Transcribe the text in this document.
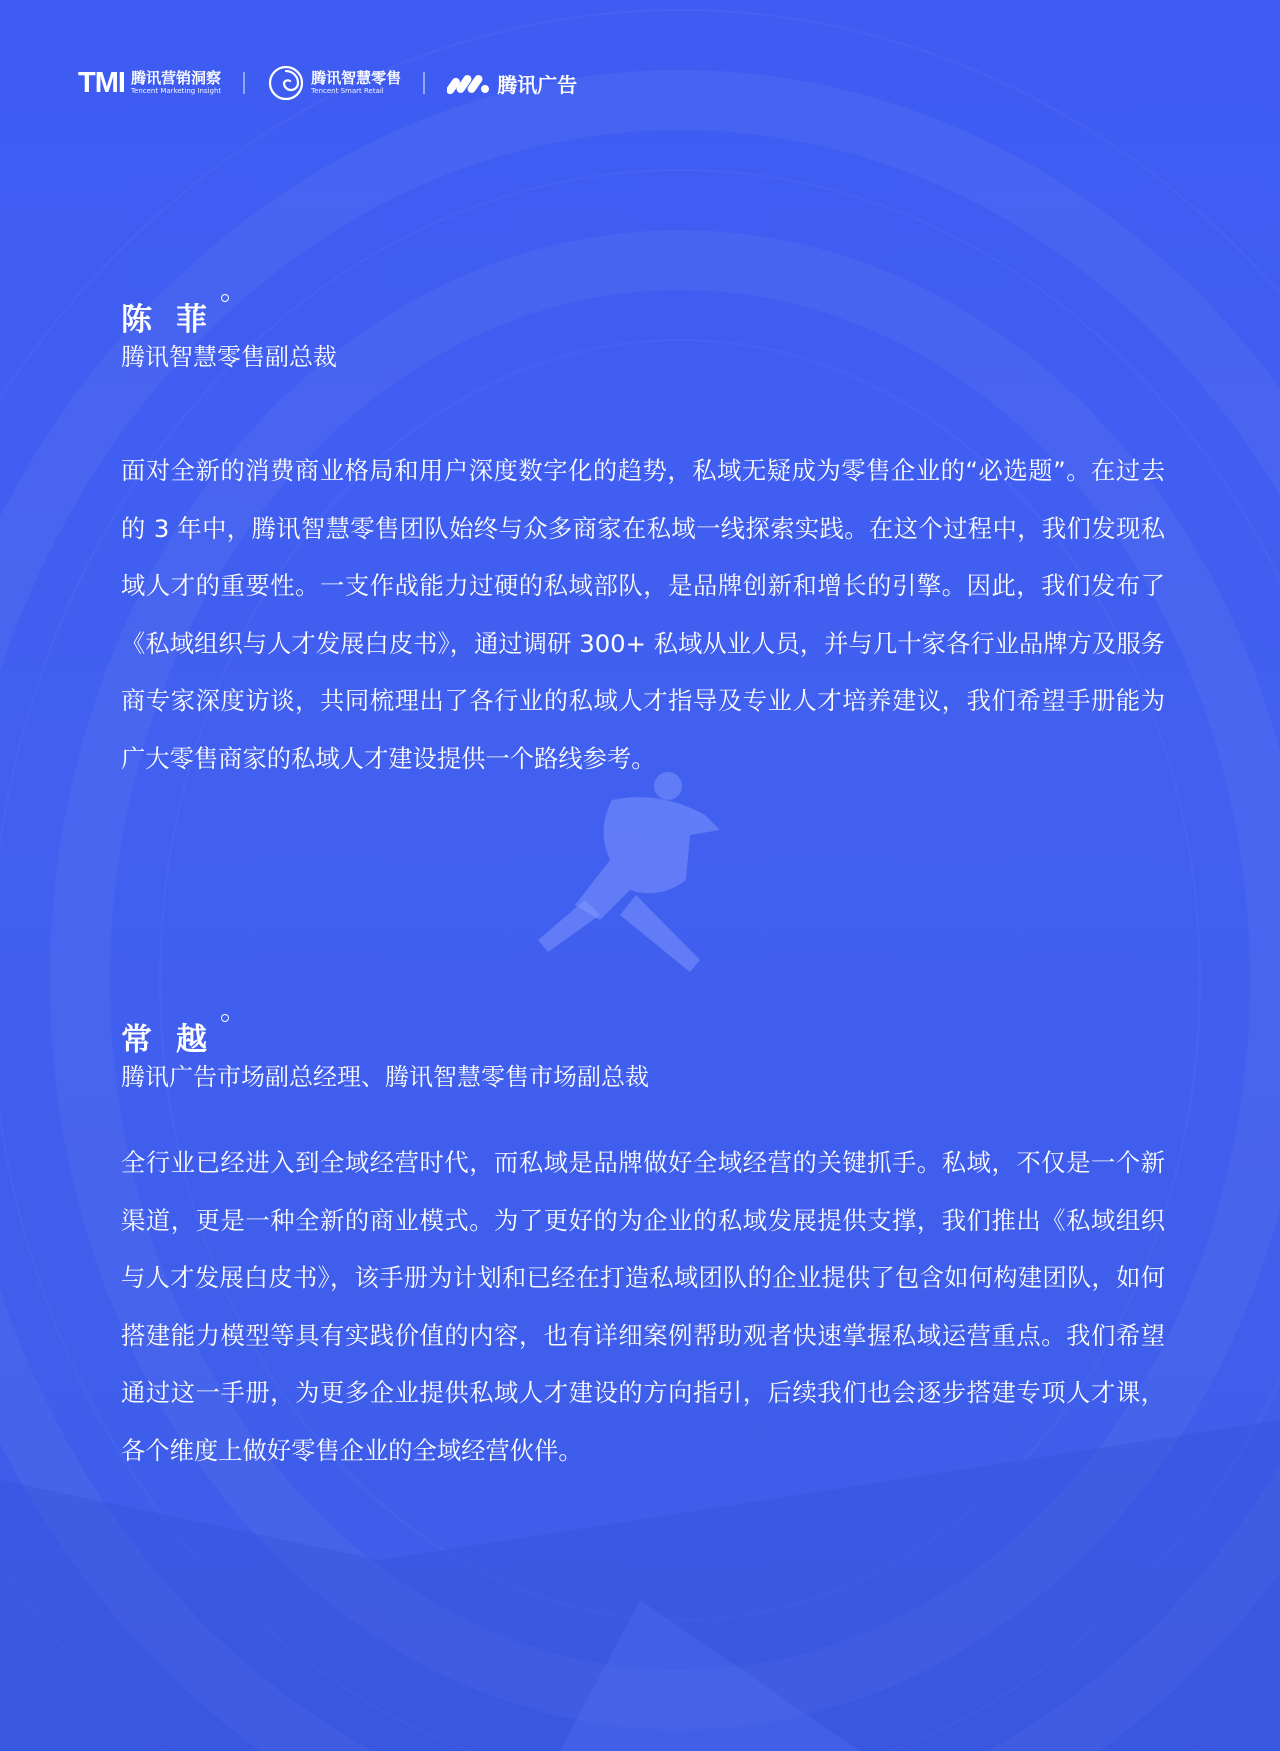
TMI 腾讯营销洞察
Tencent Marketing Insight
腾讯智慧零售
Tencent Smart Retail	腾讯广告
陈菲
腾讯智慧零售副总裁
面对全新的消费商业格局和用户深度数字化的趋势，私域无疑成为零售企业的“必选题”。在过去的 3 年中，腾讯智慧零售团队始终与众多商家在私域一线探索实践。在这个过程中，我们发现私域人才的重要性。一支作战能力过硬的私域部队，是品牌创新和增长的引擎。因此，我们发布了《私域组织与人才发展白皮书》，通过调研 300+ 私域从业人员，并与几十家各行业品牌方及服务商专家深度访谈，共同梳理出了各行业的私域人才指导及专业人才培养建议，我们希望手册能为广大零售商家的私域人才建设提供一个路线参考。
常越
腾讯广告市场副总经理、腾讯智慧零售市场副总裁
全行业已经进入到全域经营时代，而私域是品牌做好全域经营的关键抓手。私域，不仅是一个新渠道，更是一种全新的商业模式。为了更好的为企业的私域发展提供支撑，我们推出《私域组织与人才发展白皮书》，该手册为计划和已经在打造私域团队的企业提供了包含如何构建团队，如何搭建能力模型等具有实践价值的内容，也有详细案例帮助观者快速掌握私域运营重点。我们希望通过这一手册，为更多企业提供私域人才建设的方向指引，后续我们也会逐步搭建专项人才课，各个维度上做好零售企业的全域经营伙伴。
